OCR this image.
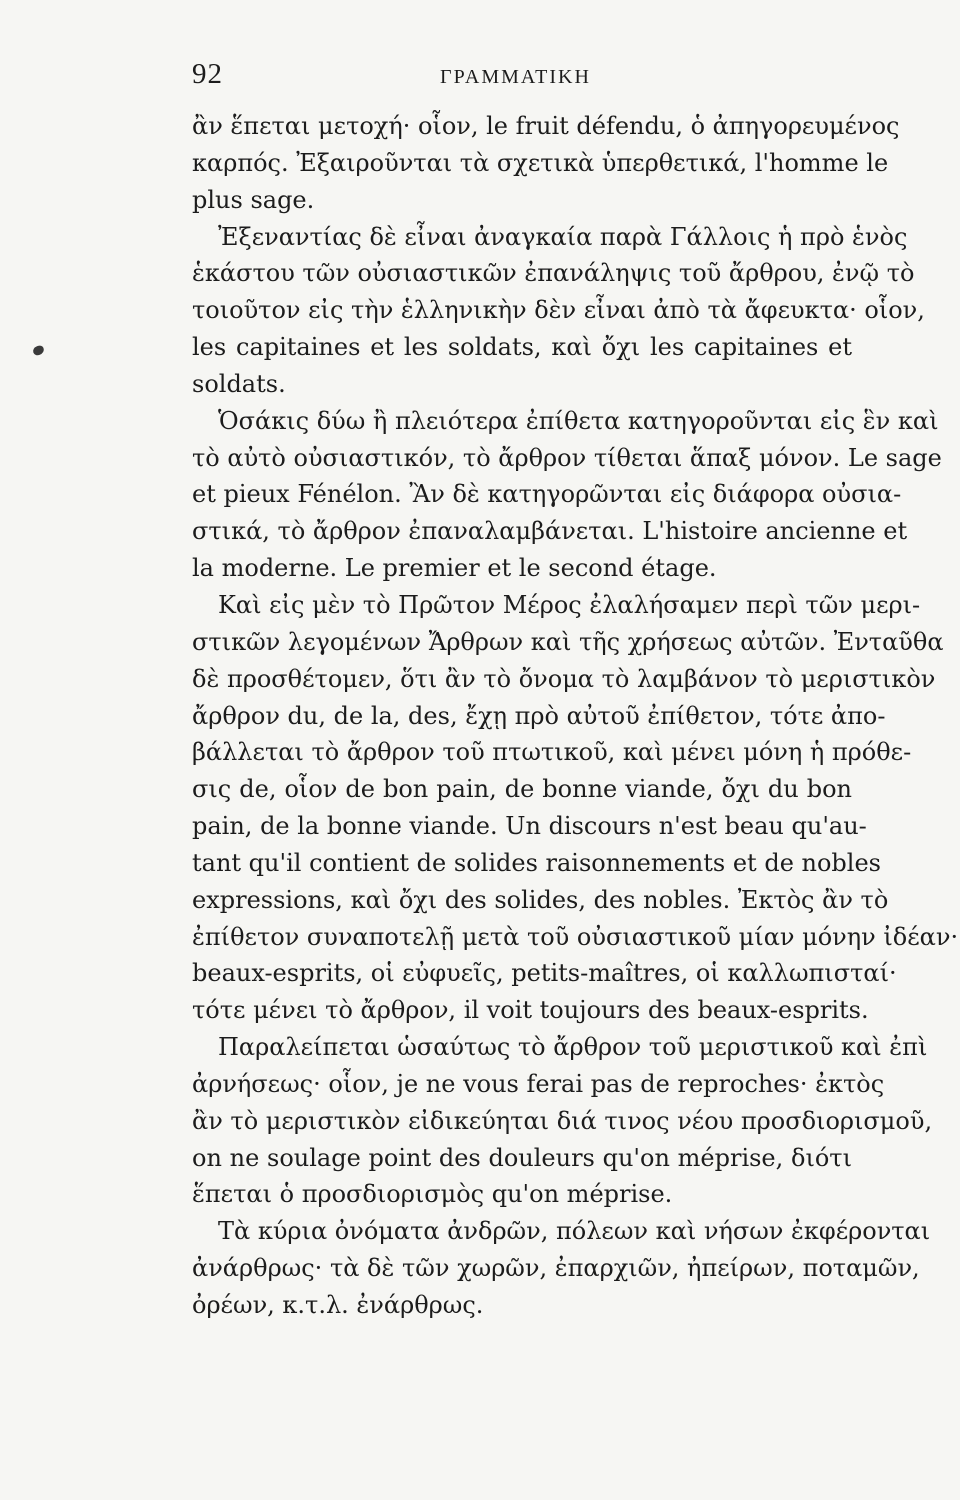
92	ΓΡΑΜΜΑΤΙΚΗ
ἂν ἕπεται μετοχή· οἷον, le fruit défendu, ὁ ἀπηγορευμένος
καρπός. Ἐξαιροῦνται τὰ σχετικὰ ὑπερθετικά, l'homme le
plus sage.
Ἐξεναντίας δὲ εἶναι ἀναγκαία παρὰ Γάλλοις ἡ πρὸ ἑνὸς
ἑκάστου τῶν οὐσιαστικῶν ἐπανάληψις τοῦ ἄρθρου, ἐνῷ τὸ
τοιοῦτον εἰς τὴν ἑλληνικὴν δὲν εἶναι ἀπὸ τὰ ἄφευκτα· οἷον,
les capitaines et les soldats, καὶ ὄχι les capitaines et
soldats.
Ὁσάκις δύω ἢ πλειότερα ἐπίθετα κατηγοροῦνται εἰς ἓν καὶ
τὸ αὐτὸ οὐσιαστικόν, τὸ ἄρθρον τίθεται ἅπαξ μόνον. Le sage
et pieux Fénélon. Ἂν δὲ κατηγορῶνται εἰς διάφορα οὐσια-
στικά, τὸ ἄρθρον ἐπαναλαμβάνεται. L'histoire ancienne et
la moderne. Le premier et le second étage.
Καὶ εἰς μὲν τὸ Πρῶτον Μέρος ἐλαλήσαμεν περὶ τῶν μερι-
στικῶν λεγομένων Ἄρθρων καὶ τῆς χρήσεως αὐτῶν. Ἐνταῦθα
δὲ προσθέτομεν, ὅτι ἂν τὸ ὄνομα τὸ λαμβάνον τὸ μεριστικὸν
ἄρθρον du, de la, des, ἔχῃ πρὸ αὐτοῦ ἐπίθετον, τότε ἀπο-
βάλλεται τὸ ἄρθρον τοῦ πτωτικοῦ, καὶ μένει μόνη ἡ πρόθε-
σις de, οἷον de bon pain, de bonne viande, ὄχι du bon
pain, de la bonne viande. Un discours n'est beau qu'au-
tant qu'il contient de solides raisonnements et de nobles
expressions, καὶ ὄχι des solides, des nobles. Ἐκτὸς ἂν τὸ
ἐπίθετον συναποτελῇ μετὰ τοῦ οὐσιαστικοῦ μίαν μόνην ἰδέαν·
beaux-esprits, οἱ εὐφυεῖς, petits-maîtres, οἱ καλλωπισταί·
τότε μένει τὸ ἄρθρον, il voit toujours des beaux-esprits.
Παραλείπεται ὡσαύτως τὸ ἄρθρον τοῦ μεριστικοῦ καὶ ἐπὶ
ἀρνήσεως· οἷον, je ne vous ferai pas de reproches· ἐκτὸς
ἂν τὸ μεριστικὸν εἰδικεύηται διά τινος νέου προσδιορισμοῦ,
on ne soulage point des douleurs qu'on méprise, διότι
ἕπεται ὁ προσδιορισμὸς qu'on méprise.
Τὰ κύρια ὀνόματα ἀνδρῶν, πόλεων καὶ νήσων ἐκφέρονται
ἀνάρθρως· τὰ δὲ τῶν χωρῶν, ἐπαρχιῶν, ἠπείρων, ποταμῶν,
ὀρέων, κ.τ.λ. ἐνάρθρως.
